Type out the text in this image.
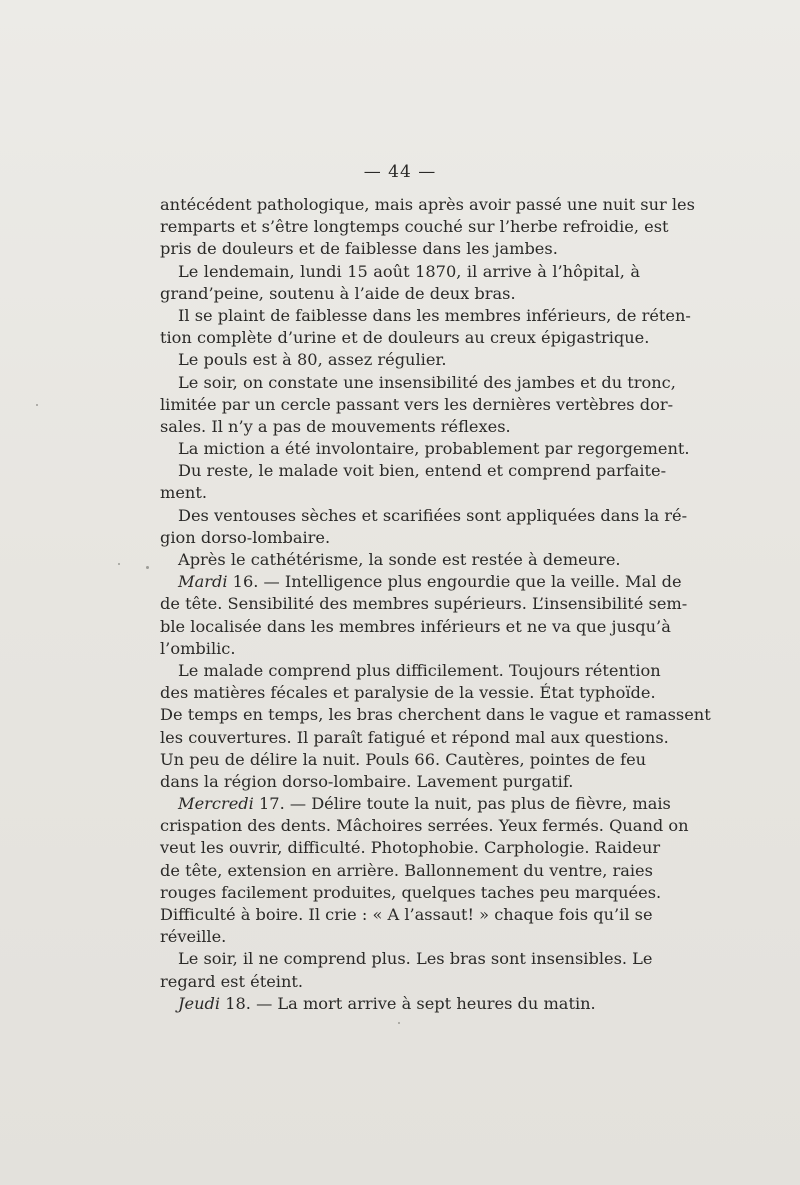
— 44 —
antécédent pathologique, mais après avoir passé une nuit sur les
remparts et s’être longtemps couché sur l’herbe refroidie, est
pris de douleurs et de faiblesse dans les jambes.
Le lendemain, lundi 15 août 1870, il arrive à l’hôpital, à
grand’peine, soutenu à l’aide de deux bras.
Il se plaint de faiblesse dans les membres inférieurs, de réten-
tion complète d’urine et de douleurs au creux épigastrique.
Le pouls est à 80, assez régulier.
Le soir, on constate une insensibilité des jambes et du tronc,
limitée par un cercle passant vers les dernières vertèbres dor-
sales. Il n’y a pas de mouvements réflexes.
La miction a été involontaire, probablement par regorgement.
Du reste, le malade voit bien, entend et comprend parfaite-
ment.
Des ventouses sèches et scarifiées sont appliquées dans la ré-
gion dorso-lombaire.
Après le cathétérisme, la sonde est restée à demeure.
Mardi 16. — Intelligence plus engourdie que la veille. Mal de
de tête. Sensibilité des membres supérieurs. L’insensibilité sem-
ble localisée dans les membres inférieurs et ne va que jusqu’à
l’ombilic.
Le malade comprend plus difficilement. Toujours rétention
des matières fécales et paralysie de la vessie. État typhoïde.
De temps en temps, les bras cherchent dans le vague et ramassent
les couvertures. Il paraît fatigué et répond mal aux questions.
Un peu de délire la nuit. Pouls 66. Cautères, pointes de feu
dans la région dorso-lombaire. Lavement purgatif.
Mercredi 17. — Délire toute la nuit, pas plus de fièvre, mais
crispation des dents. Mâchoires serrées. Yeux fermés. Quand on
veut les ouvrir, difficulté. Photophobie. Carphologie. Raideur
de tête, extension en arrière. Ballonnement du ventre, raies
rouges facilement produites, quelques taches peu marquées.
Difficulté à boire. Il crie : « A l’assaut! » chaque fois qu’il se
réveille.
Le soir, il ne comprend plus. Les bras sont insensibles. Le
regard est éteint.
Jeudi 18. — La mort arrive à sept heures du matin.
